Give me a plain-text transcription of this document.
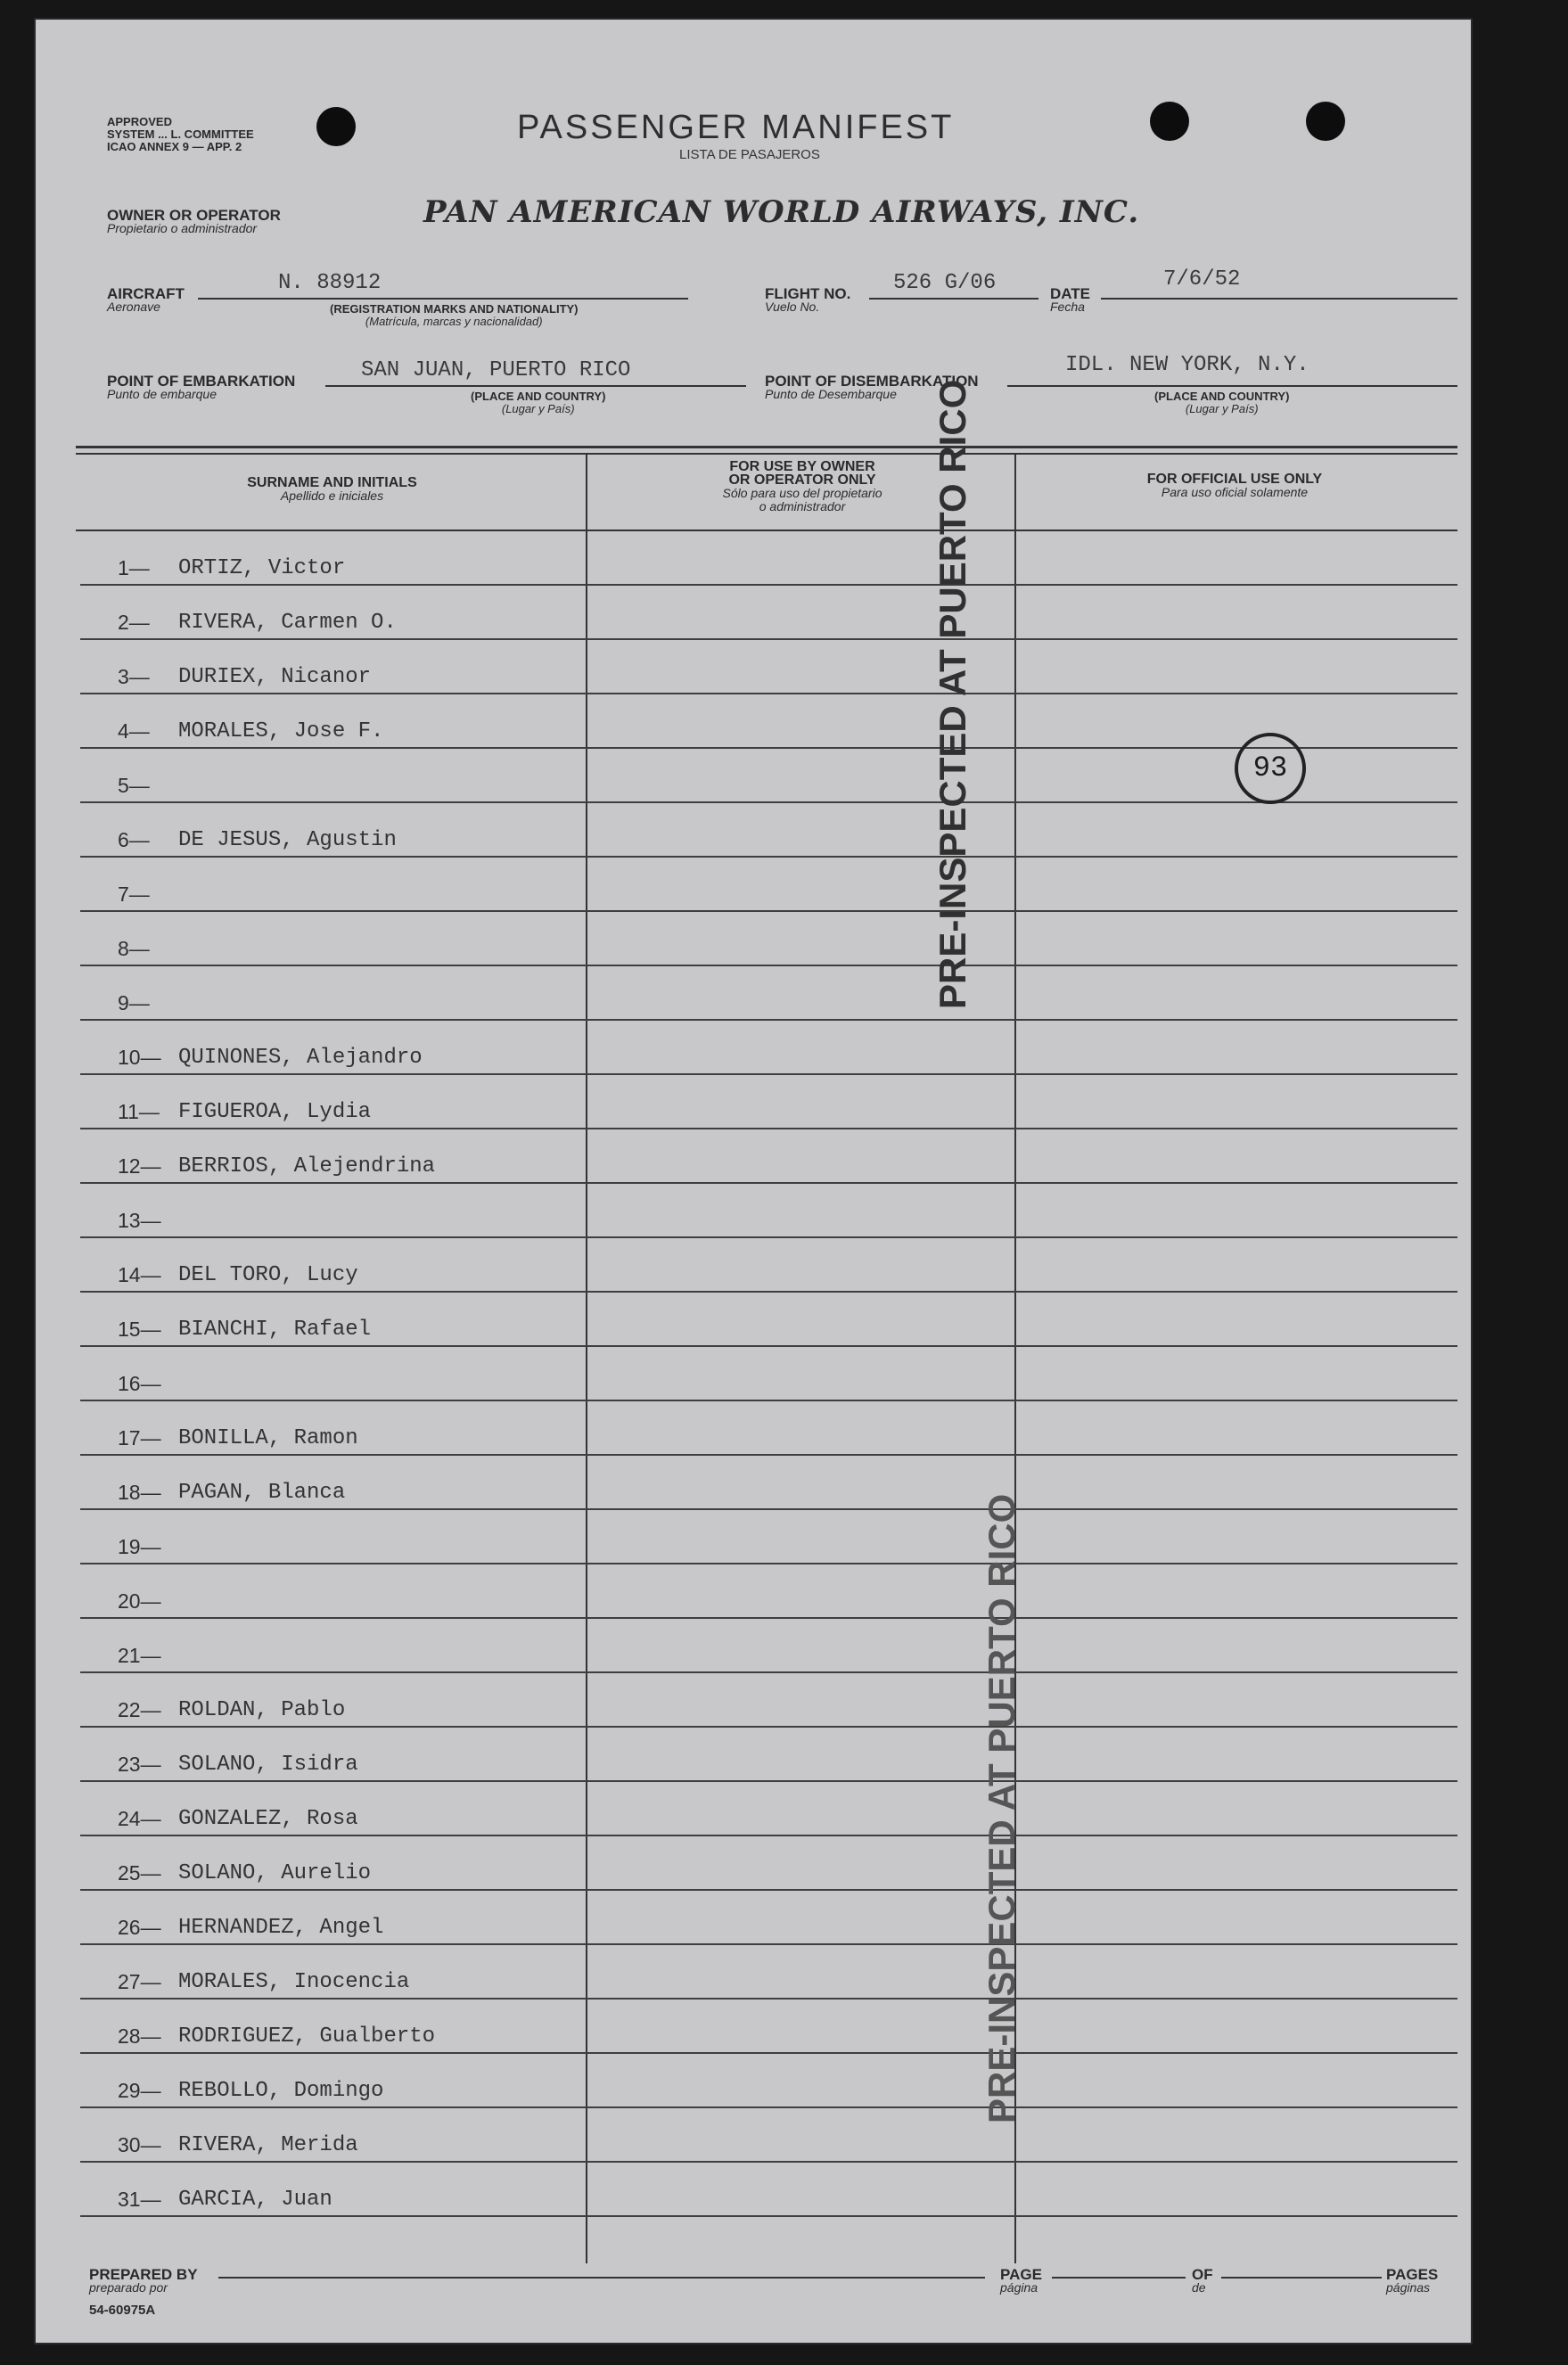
APPROVED
SYSTEM ... L. COMMITTEE
ICAO ANNEX 9 — APP. 2
PASSENGER MANIFEST
LISTA DE PASAJEROS
OWNER OR OPERATOR
Propietario o administrador	PAN AMERICAN WORLD AIRWAYS, INC.
AIRCRAFT
Aeronave
N. 88912
(REGISTRATION MARKS AND NATIONALITY)
(Matrícula, marcas y nacionalidad)
FLIGHT NO.
Vuelo No.
526 G/06	DATE
Fecha
7/6/52
POINT OF EMBARKATION
Punto de embarque
SAN JUAN, PUERTO RICO
(PLACE AND COUNTRY)
(Lugar y País)
POINT OF DISEMBARKATION
Punto de Desembarque
IDL. NEW YORK, N.Y.
(PLACE AND COUNTRY)
(Lugar y País)
SURNAME AND INITIALS
Apellido e iniciales
FOR USE BY OWNER
OR OPERATOR ONLY
Sólo para uso del propietario
o administrador
FOR OFFICIAL USE ONLY
Para uso oficial solamente
1— ORTIZ, Victor
2— RIVERA, Carmen O.
3— DURIEX, Nicanor
4— MORALES, Jose F.
5—
6— DE JESUS, Agustin
7—
8—
9—
10— QUINONES, Alejandro
11— FIGUEROA, Lydia
12— BERRIOS, Alejendrina
13—
14— DEL TORO, Lucy
15— BIANCHI, Rafael
16—
17— BONILLA, Ramon
18— PAGAN, Blanca
19—
20—
21—
22— ROLDAN, Pablo
23— SOLANO, Isidra
24— GONZALEZ, Rosa
25— SOLANO, Aurelio
26— HERNANDEZ, Angel
27— MORALES, Inocencia
28— RODRIGUEZ, Gualberto
29— REBOLLO, Domingo
30— RIVERA, Merida
31— GARCIA, Juan
PRE-INSPECTED AT PUERTO RICO
PRE-INSPECTED AT PUERTO RICO
93
PREPARED BY
preparado por
54-60975A
PAGE
página
OF
de
PAGES
páginas
